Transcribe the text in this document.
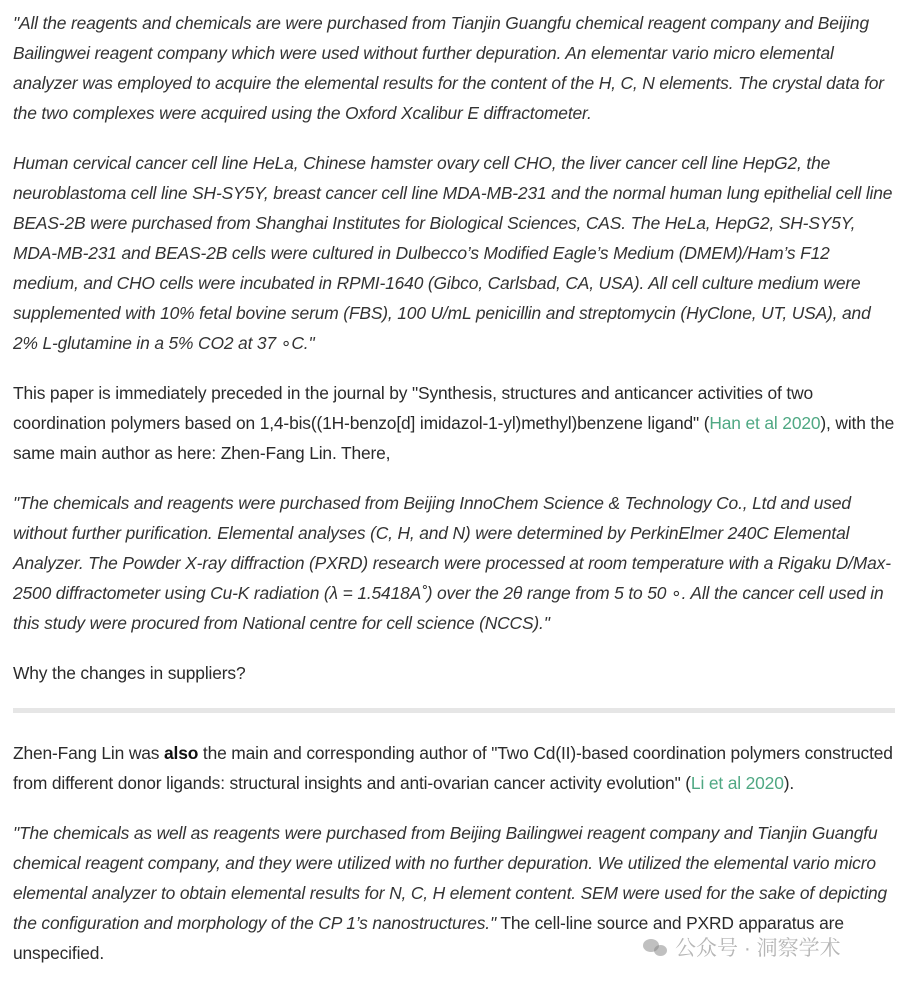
"All the reagents and chemicals are were purchased from Tianjin Guangfu chemical reagent company and Beijing Bailingwei reagent company which were used without further depuration. An elementar vario micro elemental analyzer was employed to acquire the elemental results for the content of the H, C, N elements. The crystal data for the two complexes were acquired using the Oxford Xcalibur E diffractometer.

Human cervical cancer cell line HeLa, Chinese hamster ovary cell CHO, the liver cancer cell line HepG2, the neuroblastoma cell line SH-SY5Y, breast cancer cell line MDA-MB-231 and the normal human lung epithelial cell line BEAS-2B were purchased from Shanghai Institutes for Biological Sciences, CAS. The HeLa, HepG2, SH-SY5Y, MDA-MB-231 and BEAS-2B cells were cultured in Dulbecco’s Modified Eagle’s Medium (DMEM)/Ham’s F12 medium, and CHO cells were incubated in RPMI-1640 (Gibco, Carlsbad, CA, USA). All cell culture medium were supplemented with 10% fetal bovine serum (FBS), 100 U/mL penicillin and streptomycin (HyClone, UT, USA), and 2% L-glutamine in a 5% CO2 at 37 ∘C."

This paper is immediately preceded in the journal by "Synthesis, structures and anticancer activities of two coordination polymers based on 1,4-bis((1H-benzo[d] imidazol-1-yl)methyl)benzene ligand" (Han et al 2020), with the same main author as here: Zhen-Fang Lin. There,

"The chemicals and reagents were purchased from Beijing InnoChem Science & Technology Co., Ltd and used without further purification. Elemental analyses (C, H, and N) were determined by PerkinElmer 240C Elemental Analyzer. The Powder X-ray diffraction (PXRD) research were processed at room temperature with a Rigaku D/Max-2500 diffractometer using Cu-K radiation (λ = 1.5418A˚) over the 2θ range from 5 to 50 ∘. All the cancer cell used in this study were procured from National centre for cell science (NCCS)."

Why the changes in suppliers?

Zhen-Fang Lin was also the main and corresponding author of "Two Cd(II)-based coordination polymers constructed from different donor ligands: structural insights and anti-ovarian cancer activity evolution" (Li et al 2020).

"The chemicals as well as reagents were purchased from Beijing Bailingwei reagent company and Tianjin Guangfu chemical reagent company, and they were utilized with no further depuration. We utilized the elemental vario micro elemental analyzer to obtain elemental results for N, C, H element content. SEM were used for the sake of depicting the configuration and morphology of the CP 1’s nanostructures." The cell-line source and PXRD apparatus are unspecified.	公众号 · 洞察学术
